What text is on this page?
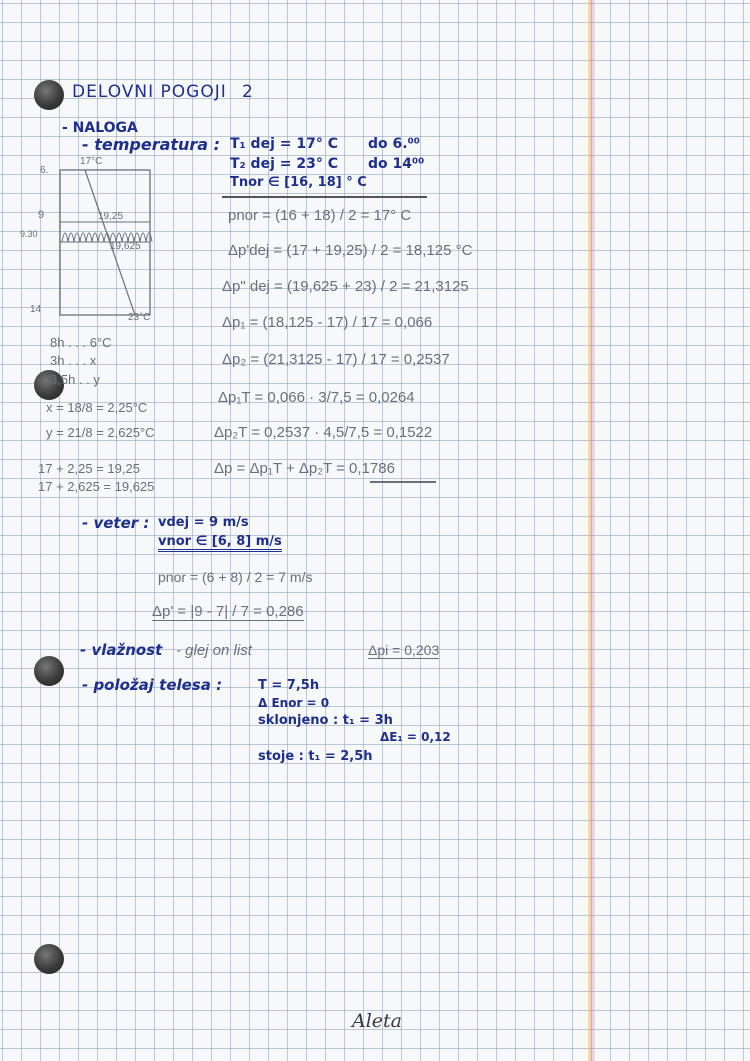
DELOVNI POGOJI 2
- NALOGA
- temperatura : T₁ dej = 17° C do 6.⁰⁰
T₂ dej = 23° C do 14⁰⁰
Tnor ∈ [16, 18] ° C
pnor = (16 + 18) / 2 = 17° C
Δp'dej = (17 + 19,25) / 2 = 18,125 °C
Δp" dej = (19,625 + 23) / 2 = 21,3125
Δp₁ = (18,125 - 17) / 17 = 0,066
Δp₂ = (21,3125 - 17) / 17 = 0,2537
Δp₁T = 0,066 · 3/7,5 = 0,0264
Δp₂T = 0,2537 · 4,5/7,5 = 0,1522
Δp = Δp₁T + Δp₂T = 0,1786
17°C
6.
9
9.30
14
19,25
19,625
23°C
8h . . . 6°C
3h . . . x
3,5h . . y
x = 18/8 = 2,25°C
y = 21/8 = 2,625°C
17 + 2,25 = 19,25
17 + 2,625 = 19,625
- veter : vdej = 9 m/s
vnor ∈ [6, 8] m/s
pnor = (6 + 8) / 2 = 7 m/s
Δp' = |9 - 7| / 7 = 0,286
- vlažnost - glej on list	Δpi = 0,203
- položaj telesa :	T = 7,5h
Δ Enor = 0
sklonjeno : t₁ = 3h
ΔE₁ = 0,12
stoje : t₁ = 2,5h
Aleta
